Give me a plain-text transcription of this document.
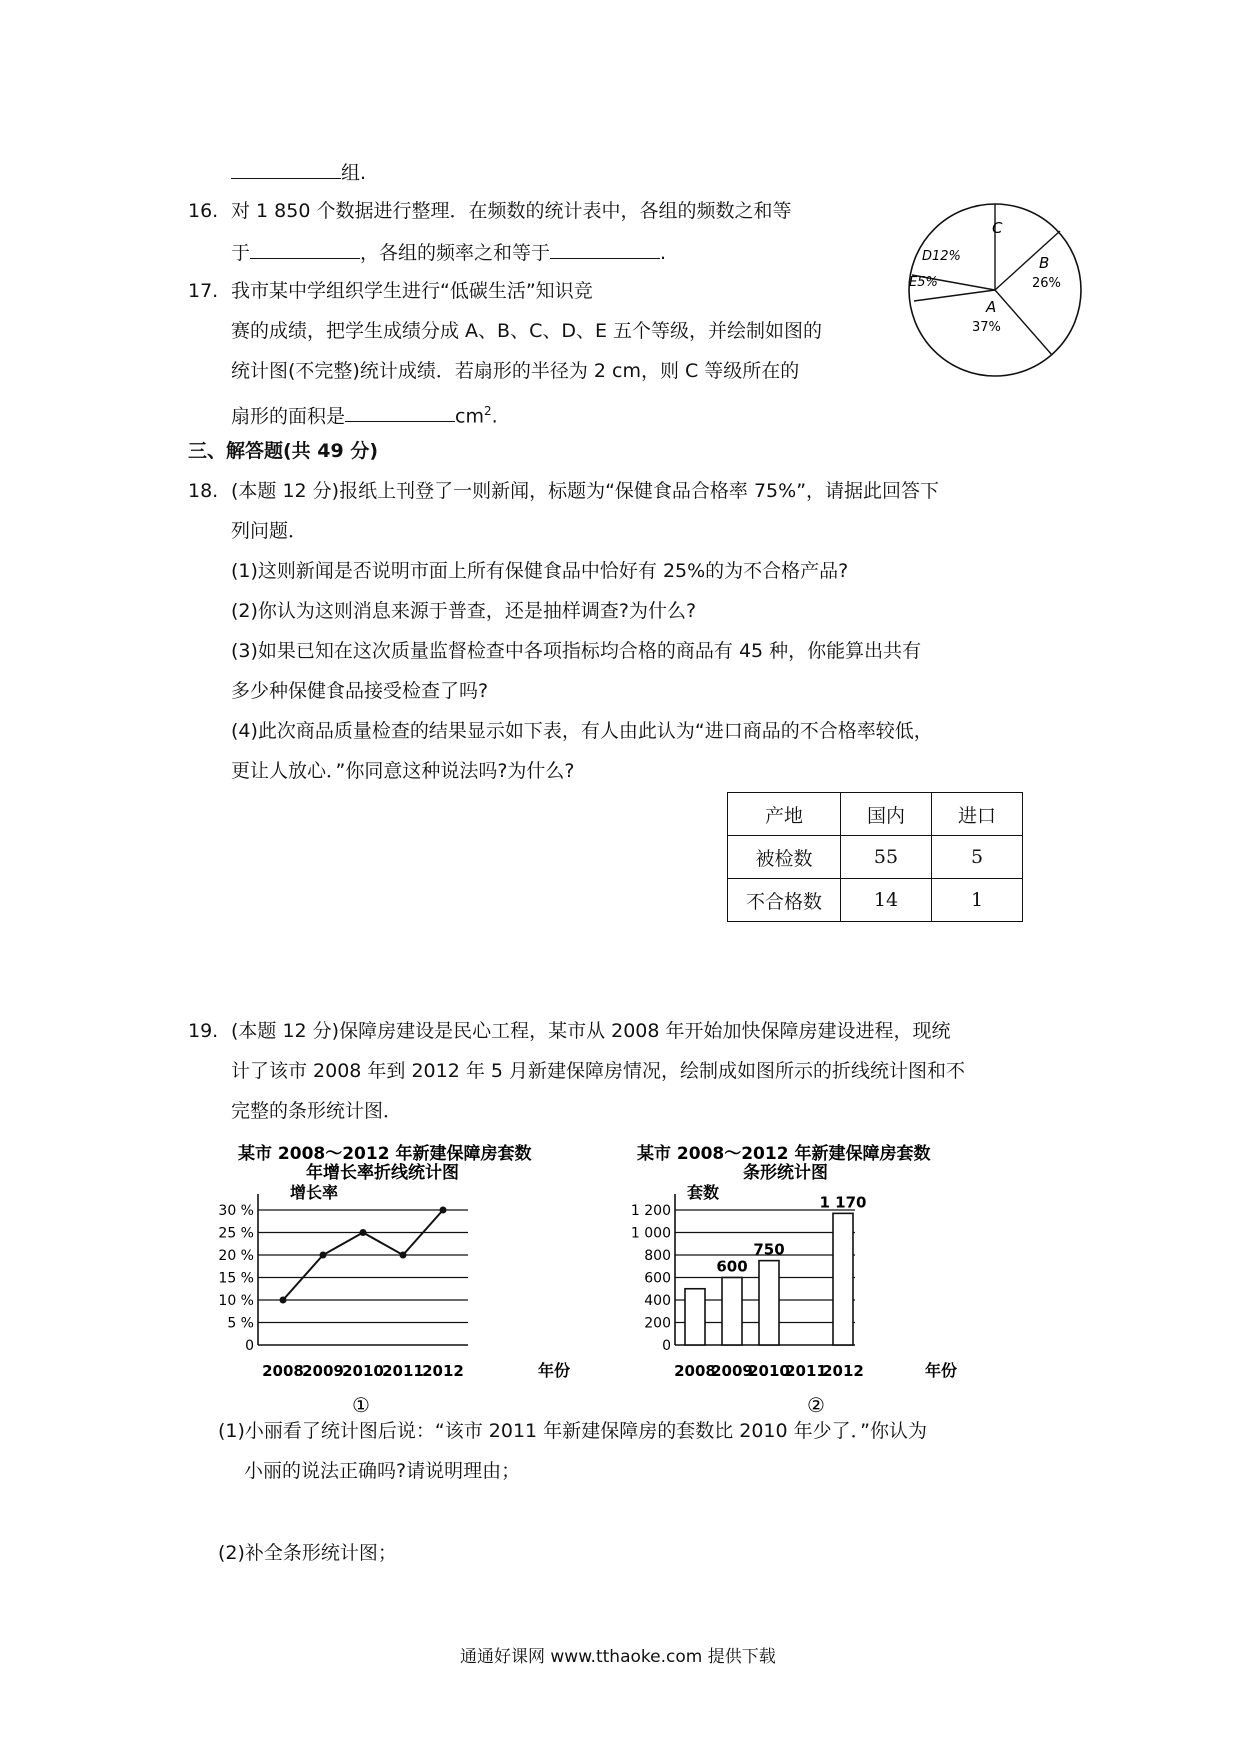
组.
16. 对 1 850 个数据进行整理．在频数的统计表中，各组的频数之和等
于	，各组的频率之和等于	.
17. 我市某中学组织学生进行“低碳生活”知识竞
赛的成绩，把学生成绩分成 A、B、C、D、E 五个等级，并绘制如图的
统计图(不完整)统计成绩．若扇形的半径为 2 cm，则 C 等级所在的
扇形的面积是	$cm^2$.
C
D12%
E5%
B
26%
A
37%
三、解答题(共 49 分)
18. (本题 12 分)报纸上刊登了一则新闻，标题为“保健食品合格率 75%”，请据此回答下
列问题．
(1)这则新闻是否说明市面上所有保健食品中恰好有 25%的为不合格产品?
(2)你认为这则消息来源于普查，还是抽样调查?为什么?
(3)如果已知在这次质量监督检查中各项指标均合格的商品有 45 种，你能算出共有
多少种保健食品接受检查了吗?
(4)此次商品质量检查的结果显示如下表，有人由此认为“进口商品的不合格率较低，
更让人放心．”你同意这种说法吗?为什么?
产地	国内	进口
被检数	55	5
不合格数	14	1
19. (本题 12 分)保障房建设是民心工程，某市从 2008 年开始加快保障房建设进程，现统
计了该市 2008 年到 2012 年 5 月新建保障房情况，绘制成如图所示的折线统计图和不
完整的条形统计图．
某市 2008～2012 年新建保障房套数
年增长率折线统计图
增长率
30 %
25 %
20 %
15 %
10 %
5 %
0
2008
2009
2010
2011
2012	年份
①
某市 2008～2012 年新建保障房套数
条形统计图
套数
1 200
1 000
800
600
400
200
0
2008
2009
2010
2011
2012	年份
600
750
1 170
②
(1)小丽看了统计图后说：“该市 2011 年新建保障房的套数比 2010 年少了．”你认为
小丽的说法正确吗?请说明理由；
(2)补全条形统计图；
通通好课网 www.tthaoke.com 提供下载
